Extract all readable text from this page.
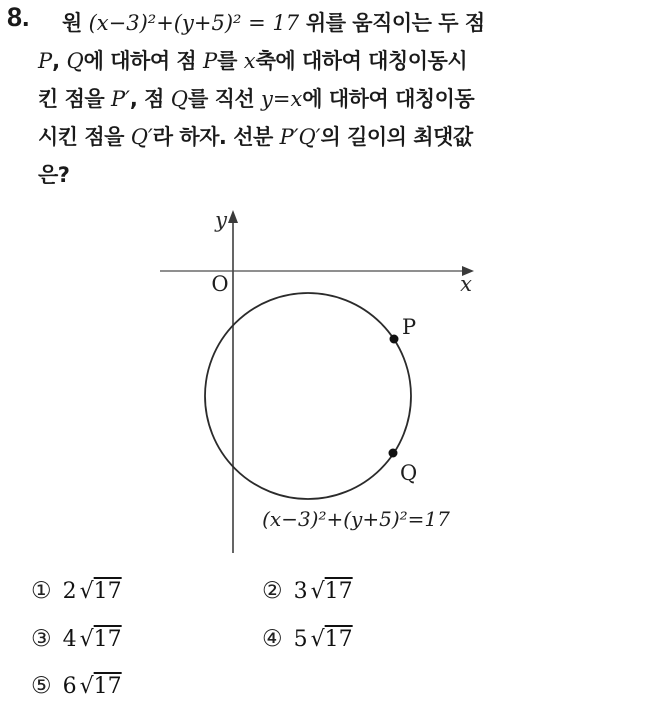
8.	원 (x−3)²+(y+5)² = 17 위를 움직이는 두 점
P, Q에 대하여 점 P를 x축에 대하여 대칭이동시
킨 점을 P′, 점 Q를 직선 y=x에 대하여 대칭이동
시킨 점을 Q′라 하자. 선분 P′Q′의 길이의 최댓값
은?
y
x
O
P
Q
(x−3)²+(y+5)²=17
① 2 √17	② 3 √17
③ 4 √17	④ 5 √17
⑤ 6 √17
